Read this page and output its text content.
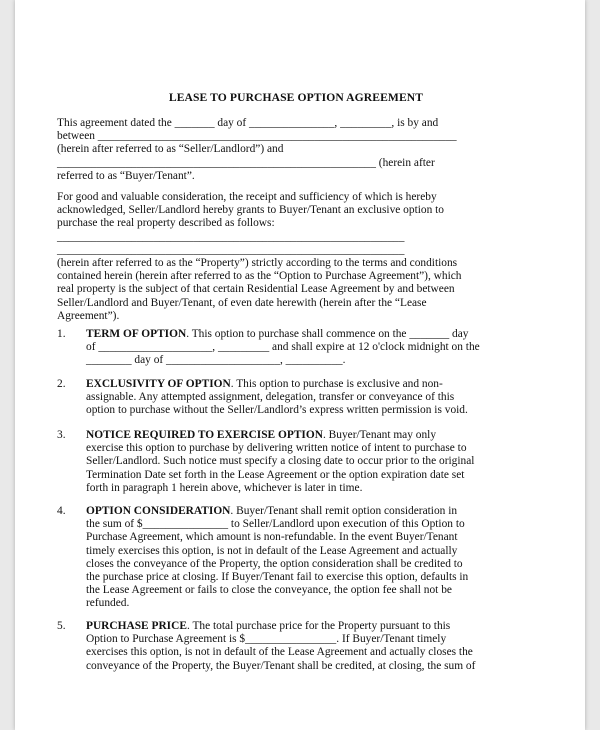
LEASE TO PURCHASE OPTION AGREEMENT
This agreement dated the _______ day of _______________, _________, is by and
between _______________________________________________________________
(herein after referred to as “Seller/Landlord”) and
________________________________________________________ (herein after
referred to as “Buyer/Tenant”.
For good and valuable consideration, the receipt and sufficiency of which is hereby
acknowledged, Seller/Landlord hereby grants to Buyer/Tenant an exclusive option to
purchase the real property described as follows:
_____________________________________________________________
_____________________________________________________________
(herein after referred to as the “Property”) strictly according to the terms and conditions
contained herein (herein after referred to as the “Option to Purchase Agreement”), which
real property is the subject of that certain Residential Lease Agreement by and between
Seller/Landlord and Buyer/Tenant, of even date herewith (herein after the “Lease
Agreement”).
1. TERM OF OPTION. This option to purchase shall commence on the _______ day
of ____________________, _________ and shall expire at 12 o'clock midnight on the
________ day of ____________________, __________.
2. EXCLUSIVITY OF OPTION. This option to purchase is exclusive and non-
assignable. Any attempted assignment, delegation, transfer or conveyance of this
option to purchase without the Seller/Landlord’s express written permission is void.
3. NOTICE REQUIRED TO EXERCISE OPTION. Buyer/Tenant may only
exercise this option to purchase by delivering written notice of intent to purchase to
Seller/Landlord. Such notice must specify a closing date to occur prior to the original
Termination Date set forth in the Lease Agreement or the option expiration date set
forth in paragraph 1 herein above, whichever is later in time.
4. OPTION CONSIDERATION. Buyer/Tenant shall remit option consideration in
the sum of $_______________ to Seller/Landlord upon execution of this Option to
Purchase Agreement, which amount is non-refundable. In the event Buyer/Tenant
timely exercises this option, is not in default of the Lease Agreement and actually
closes the conveyance of the Property, the option consideration shall be credited to
the purchase price at closing. If Buyer/Tenant fail to exercise this option, defaults in
the Lease Agreement or fails to close the conveyance, the option fee shall not be
refunded.
5. PURCHASE PRICE. The total purchase price for the Property pursuant to this
Option to Purchase Agreement is $________________. If Buyer/Tenant timely
exercises this option, is not in default of the Lease Agreement and actually closes the
conveyance of the Property, the Buyer/Tenant shall be credited, at closing, the sum of
